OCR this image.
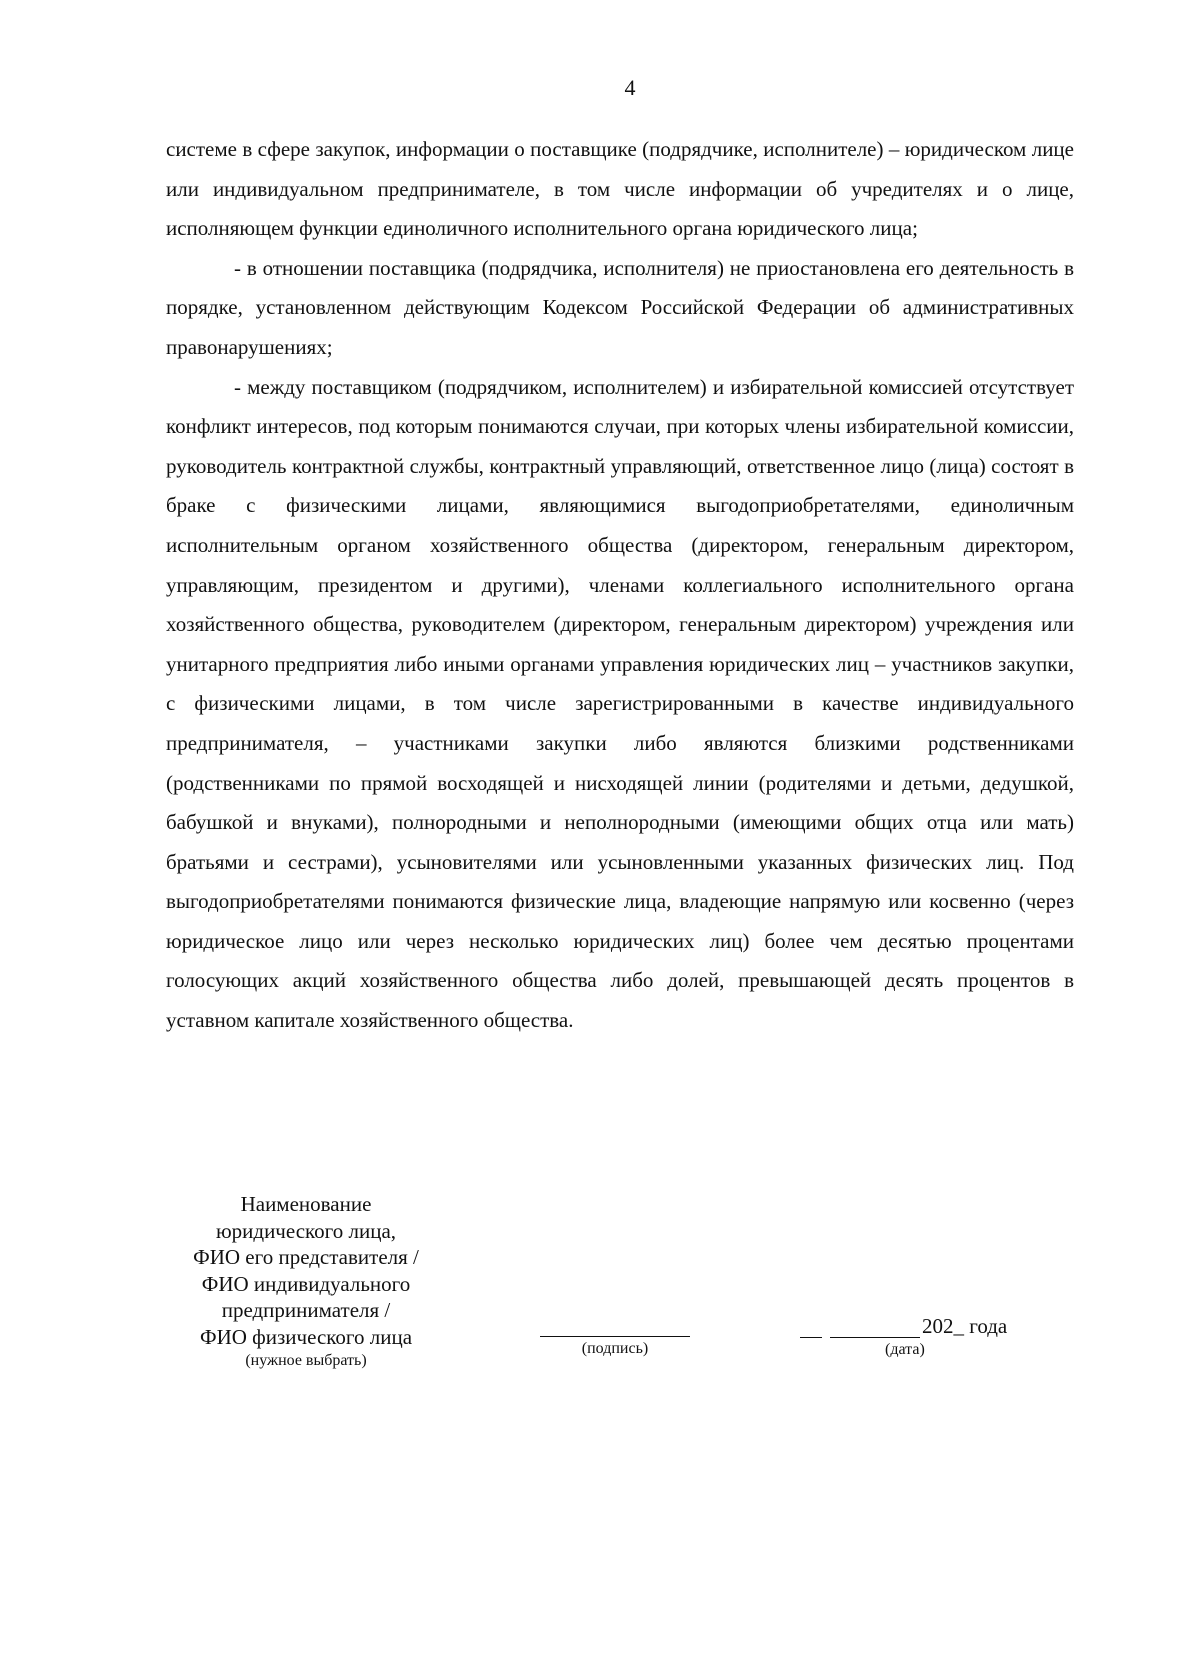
4

системе в сфере закупок, информации о поставщике (подрядчике, исполнителе) – юридическом лице или индивидуальном предпринимателе, в том числе информации об учредителях и о лице, исполняющем функции единоличного исполнительного органа юридического лица;

- в отношении поставщика (подрядчика, исполнителя) не приостановлена его деятельность в порядке, установленном действующим Кодексом Российской Федерации об административных правонарушениях;

- между поставщиком (подрядчиком, исполнителем) и избирательной комиссией отсутствует конфликт интересов, под которым понимаются случаи, при которых члены избирательной комиссии, руководитель контрактной службы, контрактный управляющий, ответственное лицо (лица) состоят в браке с физическими лицами, являющимися выгодоприобретателями, единоличным исполнительным органом хозяйственного общества (директором, генеральным директором, управляющим, президентом и другими), членами коллегиального исполнительного органа хозяйственного общества, руководителем (директором, генеральным директором) учреждения или унитарного предприятия либо иными органами управления юридических лиц – участников закупки, с физическими лицами, в том числе зарегистрированными в качестве индивидуального предпринимателя, – участниками закупки либо являются близкими родственниками (родственниками по прямой восходящей и нисходящей линии (родителями и детьми, дедушкой, бабушкой и внуками), полнородными и неполнородными (имеющими общих отца или мать) братьями и сестрами), усыновителями или усыновленными указанных физических лиц. Под выгодоприобретателями понимаются физические лица, владеющие напрямую или косвенно (через юридическое лицо или через несколько юридических лиц) более чем десятью процентами голосующих акций хозяйственного общества либо долей, превышающей десять процентов в уставном капитале хозяйственного общества.

Наименование
юридического лица,
ФИО его представителя /
ФИО индивидуального
предпринимателя /
ФИО физического лица
(нужное выбрать)
(подпись)
202_ года
(дата)
